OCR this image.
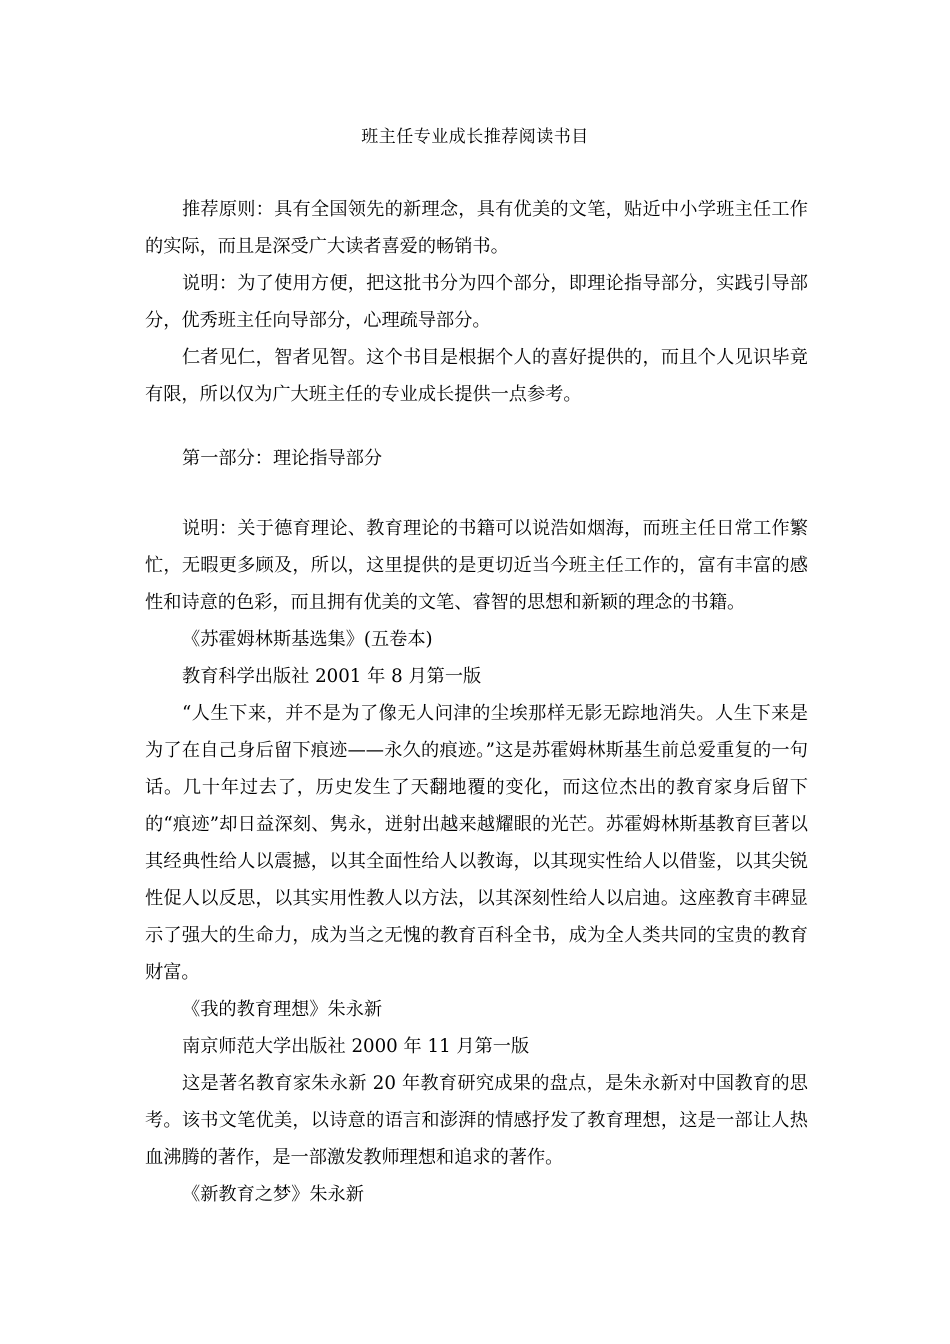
班主任专业成长推荐阅读书目

推荐原则：具有全国领先的新理念，具有优美的文笔，贴近中小学班主任工作的实际，而且是深受广大读者喜爱的畅销书。

说明：为了使用方便，把这批书分为四个部分，即理论指导部分，实践引导部分，优秀班主任向导部分，心理疏导部分。

仁者见仁，智者见智。这个书目是根据个人的喜好提供的，而且个人见识毕竟有限，所以仅为广大班主任的专业成长提供一点参考。

第一部分：理论指导部分

说明：关于德育理论、教育理论的书籍可以说浩如烟海，而班主任日常工作繁忙，无暇更多顾及，所以，这里提供的是更切近当今班主任工作的，富有丰富的感性和诗意的色彩，而且拥有优美的文笔、睿智的思想和新颖的理念的书籍。

《苏霍姆林斯基选集》(五卷本)

教育科学出版社 2001 年 8 月第一版

“人生下来，并不是为了像无人问津的尘埃那样无影无踪地消失。人生下来是为了在自己身后留下痕迹——永久的痕迹。”这是苏霍姆林斯基生前总爱重复的一句话。几十年过去了，历史发生了天翻地覆的变化，而这位杰出的教育家身后留下的“痕迹”却日益深刻、隽永，迸射出越来越耀眼的光芒。苏霍姆林斯基教育巨著以其经典性给人以震撼，以其全面性给人以教诲，以其现实性给人以借鉴，以其尖锐性促人以反思，以其实用性教人以方法，以其深刻性给人以启迪。这座教育丰碑显示了强大的生命力，成为当之无愧的教育百科全书，成为全人类共同的宝贵的教育财富。

《我的教育理想》朱永新

南京师范大学出版社 2000 年 11 月第一版

这是著名教育家朱永新 20 年教育研究成果的盘点，是朱永新对中国教育的思考。该书文笔优美，以诗意的语言和澎湃的情感抒发了教育理想，这是一部让人热血沸腾的著作，是一部激发教师理想和追求的著作。

《新教育之梦》朱永新
